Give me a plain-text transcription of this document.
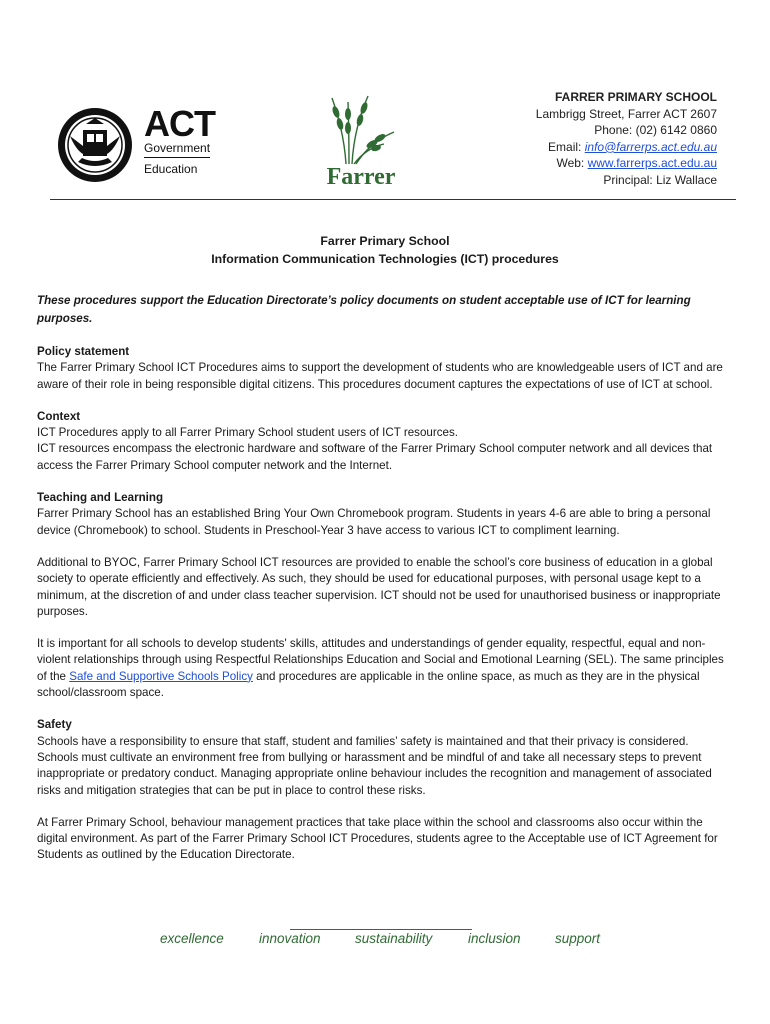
ACT
Government
Education	Farrer
FARRER PRIMARY SCHOOL
Lambrigg Street, Farrer ACT 2607
Phone: (02) 6142 0860
Email: info@farrerps.act.edu.au
Web: www.farrerps.act.edu.au
Principal: Liz Wallace
Farrer Primary School
Information Communication Technologies (ICT) procedures

These procedures support the Education Directorate’s policy documents on student acceptable use of ICT for learning purposes.

Policy statement

The Farrer Primary School ICT Procedures aims to support the development of students who are knowledgeable users of ICT and are aware of their role in being responsible digital citizens. This procedures document captures the expectations of use of ICT at school.

Context

ICT Procedures apply to all Farrer Primary School student users of ICT resources.

ICT resources encompass the electronic hardware and software of the Farrer Primary School computer network and all devices that access the Farrer Primary School computer network and the Internet.

Teaching and Learning

Farrer Primary School has an established Bring Your Own Chromebook program. Students in years 4-6 are able to bring a personal device (Chromebook) to school. Students in Preschool-Year 3 have access to various ICT to compliment learning.

Additional to BYOC, Farrer Primary School ICT resources are provided to enable the school’s core business of education in a global society to operate efficiently and effectively. As such, they should be used for educational purposes, with personal usage kept to a minimum, at the discretion of and under class teacher supervision. ICT should not be used for unauthorised business or inappropriate purposes.

It is important for all schools to develop students' skills, attitudes and understandings of gender equality, respectful, equal and non-violent relationships through using Respectful Relationships Education and Social and Emotional Learning (SEL). The same principles of the Safe and Supportive Schools Policy and procedures are applicable in the online space, as much as they are in the physical school/classroom space.

Safety

Schools have a responsibility to ensure that staff, student and families’ safety is maintained and that their privacy is considered. Schools must cultivate an environment free from bullying or harassment and be mindful of and take all necessary steps to prevent inappropriate or predatory conduct. Managing appropriate online behaviour includes the recognition and management of associated risks and mitigation strategies that can be put in place to control these risks.

At Farrer Primary School, behaviour management practices that take place within the school and classrooms also occur within the digital environment. As part of the Farrer Primary School ICT Procedures, students agree to the Acceptable use of ICT Agreement for Students as outlined by the Education Directorate.

excellence	innovation	sustainability	inclusion	support
